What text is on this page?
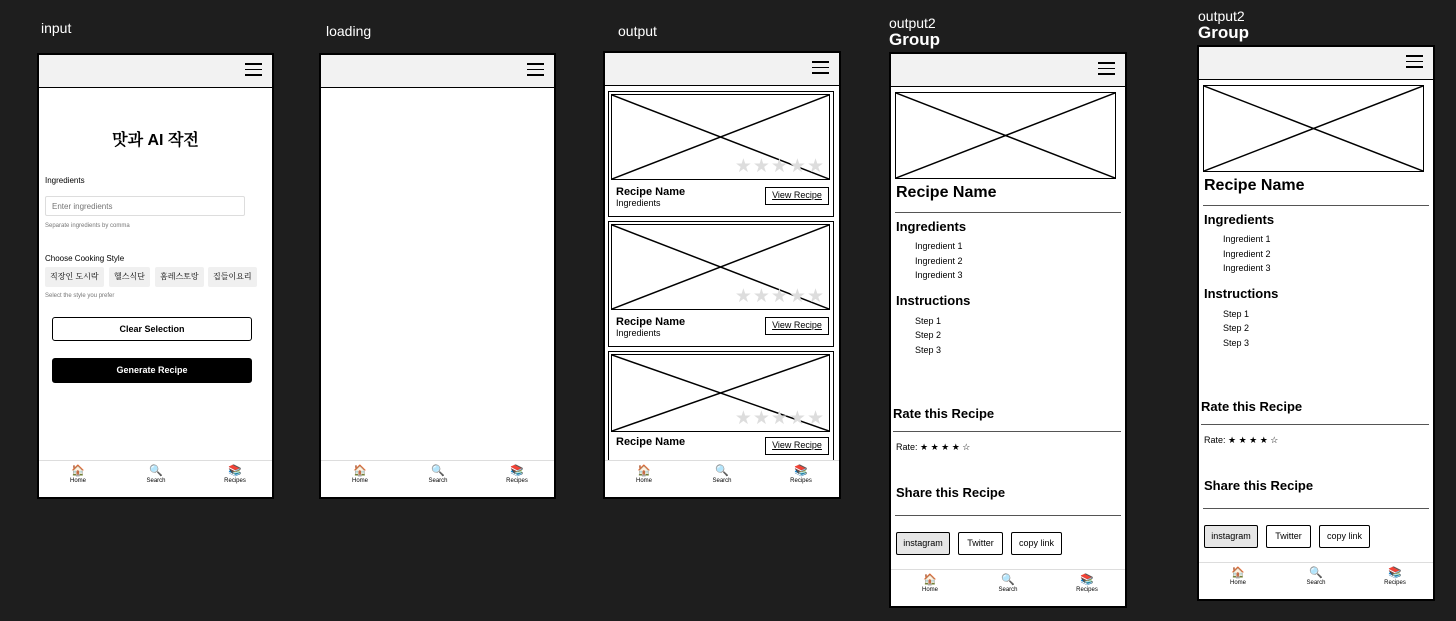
input	loading	output	output2
Group
output2
Group
맛과 AI 작전
Ingredients
Enter ingredients
Separate ingredients by comma
Choose Cooking Style
직장인 도시락	헬스식단	홈레스토랑	집들이요리
Select the style you prefer
Clear Selection
Generate Recipe
🏠
Home
🔍
Search
📚
Recipes
🏠
Home
🔍
Search
📚
Recipes
★★★★★
Recipe Name
Ingredients
View Recipe
★★★★★
Recipe Name
Ingredients
View Recipe
★★★★★
Recipe Name	View Recipe
🏠
Home
🔍
Search
📚
Recipes
Recipe Name
Ingredients
Ingredient 1
Ingredient 2
Ingredient 3
Instructions
Step 1
Step 2
Step 3
Rate this Recipe
Rate: ★ ★ ★ ★ ☆
Share this Recipe
instagram	Twitter	copy link
🏠
Home
🔍
Search
📚
Recipes
Recipe Name
Ingredients
Ingredient 1
Ingredient 2
Ingredient 3
Instructions
Step 1
Step 2
Step 3
Rate this Recipe
Rate: ★ ★ ★ ★ ☆
Share this Recipe
instagram	Twitter	copy link
🏠
Home
🔍
Search
📚
Recipes
